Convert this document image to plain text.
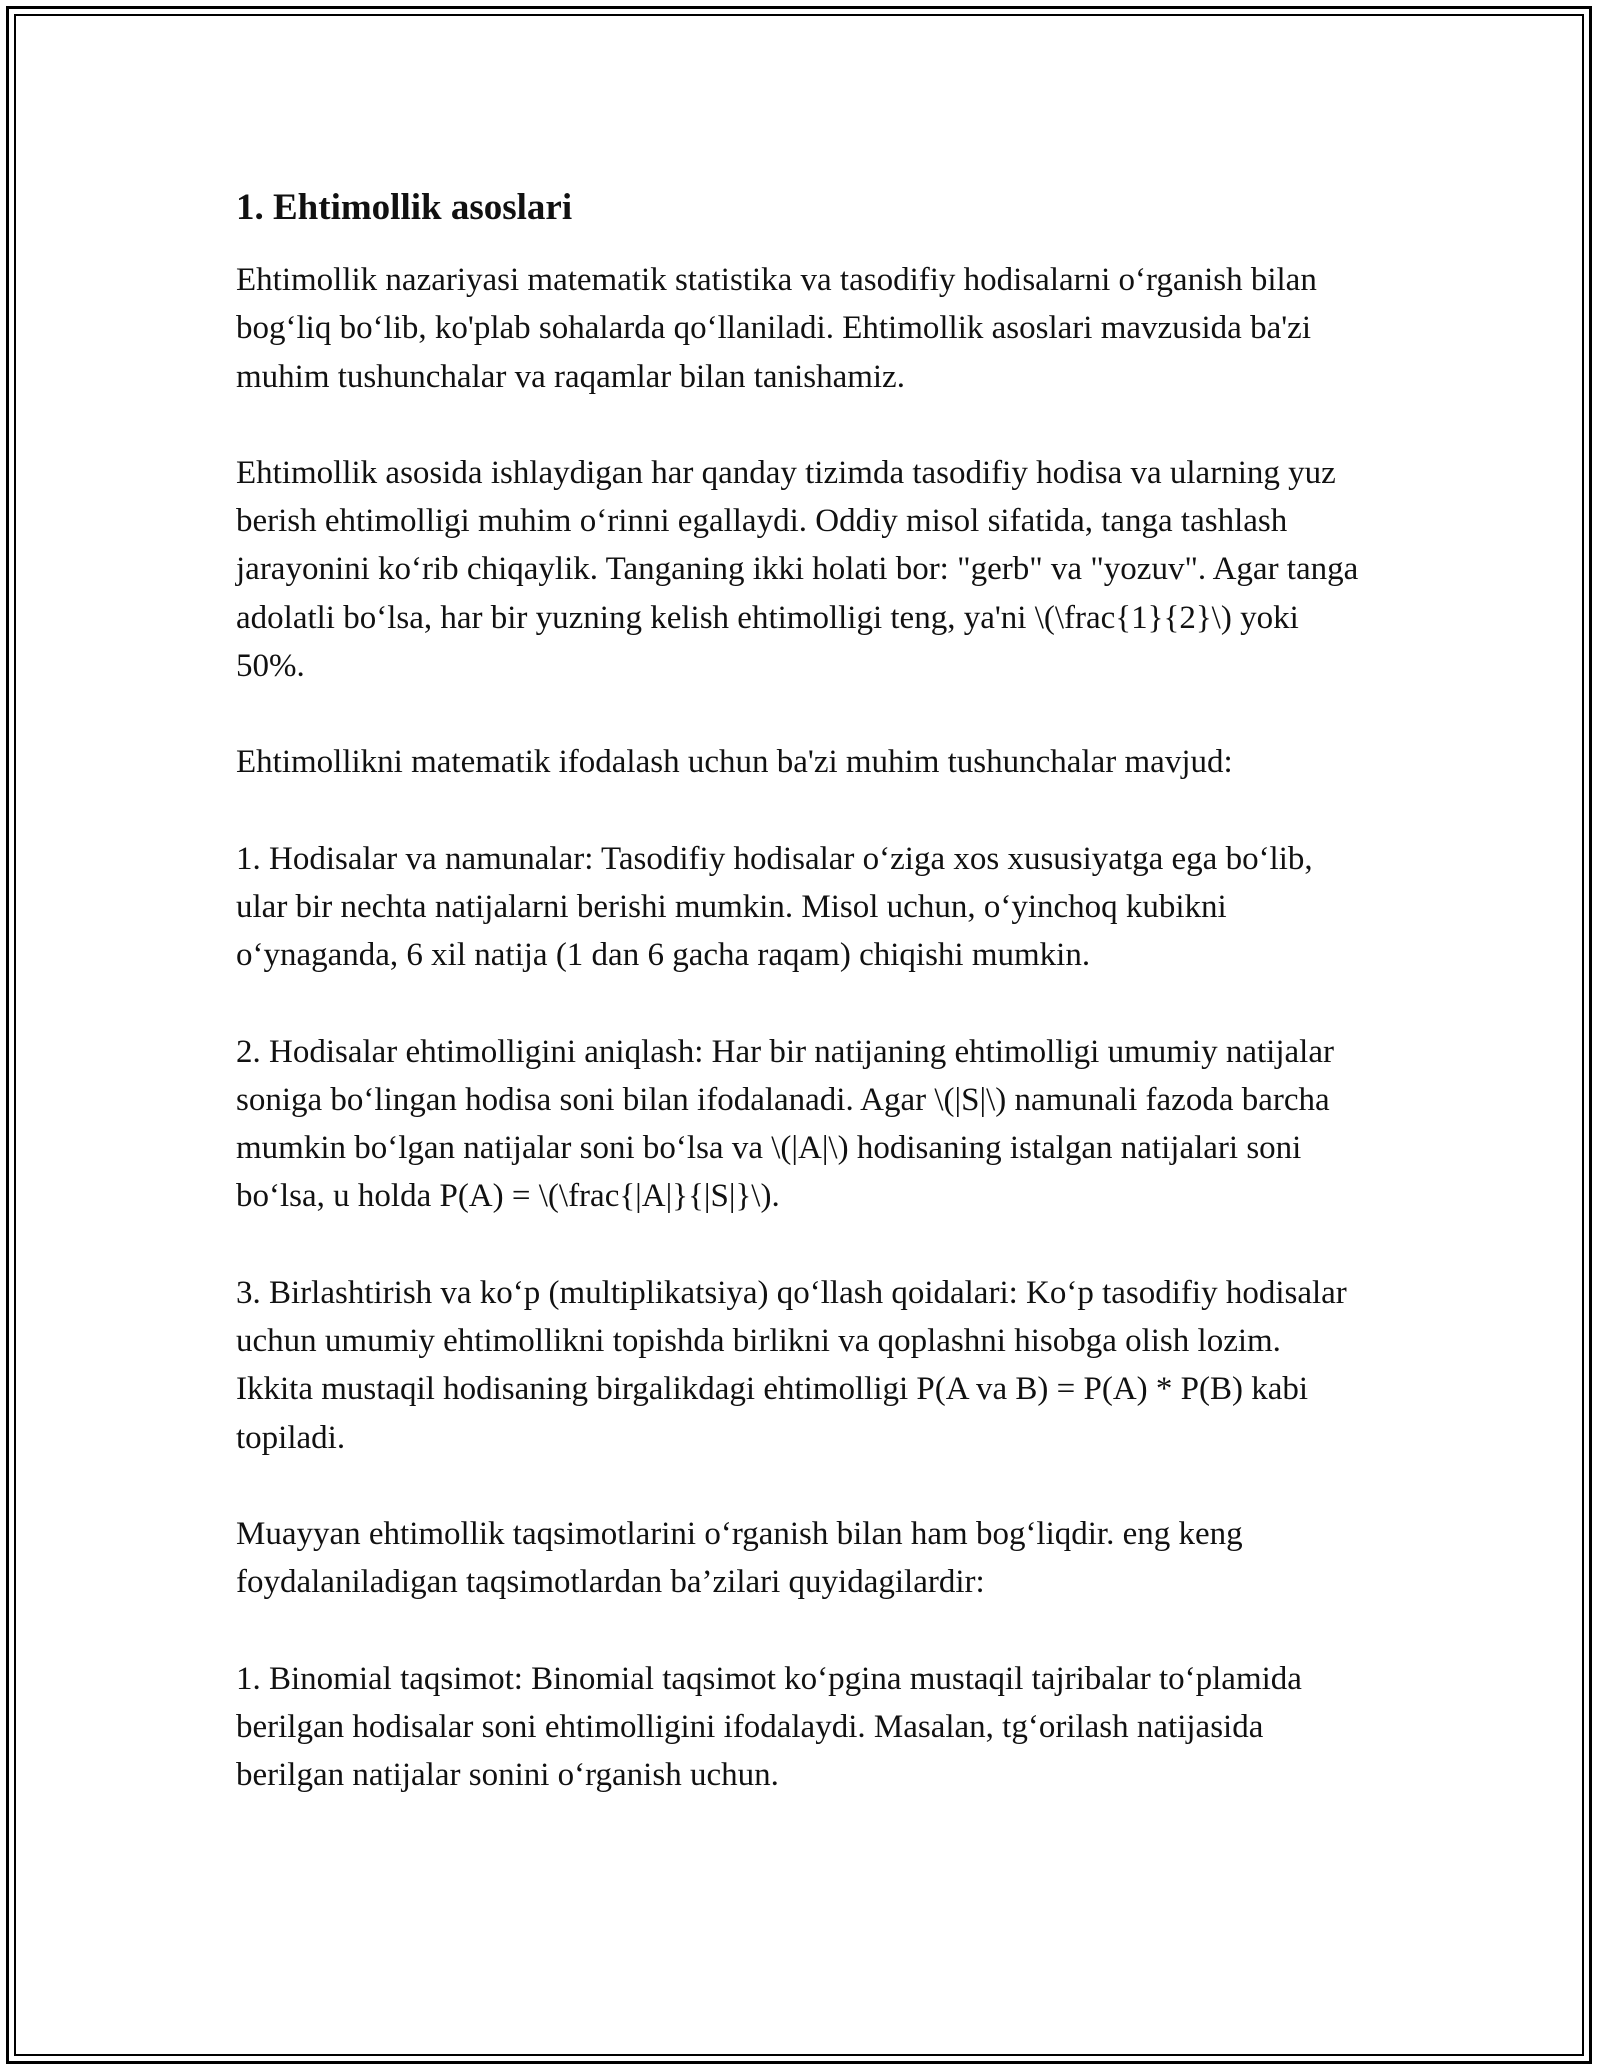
1. Ehtimollik asoslari

Ehtimollik nazariyasi matematik statistika va tasodifiy hodisalarni o‘rganish bilan bog‘liq bo‘lib, ko'plab sohalarda qo‘llaniladi. Ehtimollik asoslari mavzusida ba'zi muhim tushunchalar va raqamlar bilan tanishamiz.

Ehtimollik asosida ishlaydigan har qanday tizimda tasodifiy hodisa va ularning yuz berish ehtimolligi muhim o‘rinni egallaydi. Oddiy misol sifatida, tanga tashlash jarayonini ko‘rib chiqaylik. Tanganing ikki holati bor: "gerb" va "yozuv". Agar tanga adolatli bo‘lsa, har bir yuzning kelish ehtimolligi teng, ya'ni \(\frac{1}{2}\) yoki 50%.

Ehtimollikni matematik ifodalash uchun ba'zi muhim tushunchalar mavjud:

1. Hodisalar va namunalar: Tasodifiy hodisalar o‘ziga xos xususiyatga ega bo‘lib, ular bir nechta natijalarni berishi mumkin. Misol uchun, o‘yinchoq kubikni o‘ynaganda, 6 xil natija (1 dan 6 gacha raqam) chiqishi mumkin.

2. Hodisalar ehtimolligini aniqlash: Har bir natijaning ehtimolligi umumiy natijalar soniga bo‘lingan hodisa soni bilan ifodalanadi. Agar \(|S|\) namunali fazoda barcha mumkin bo‘lgan natijalar soni bo‘lsa va \(|A|\) hodisaning istalgan natijalari soni bo‘lsa, u holda P(A) = \(\frac{|A|}{|S|}\).

3. Birlashtirish va ko‘p (multiplikatsiya) qo‘llash qoidalari: Ko‘p tasodifiy hodisalar uchun umumiy ehtimollikni topishda birlikni va qoplashni hisobga olish lozim. Ikkita mustaqil hodisaning birgalikdagi ehtimolligi P(A va B) = P(A) * P(B) kabi topiladi.

Muayyan ehtimollik taqsimotlarini o‘rganish bilan ham bog‘liqdir. eng keng foydalaniladigan taqsimotlardan ba’zilari quyidagilardir:

1. Binomial taqsimot: Binomial taqsimot ko‘pgina mustaqil tajribalar to‘plamida berilgan hodisalar soni ehtimolligini ifodalaydi. Masalan, tg‘orilash natijasida berilgan natijalar sonini o‘rganish uchun.
